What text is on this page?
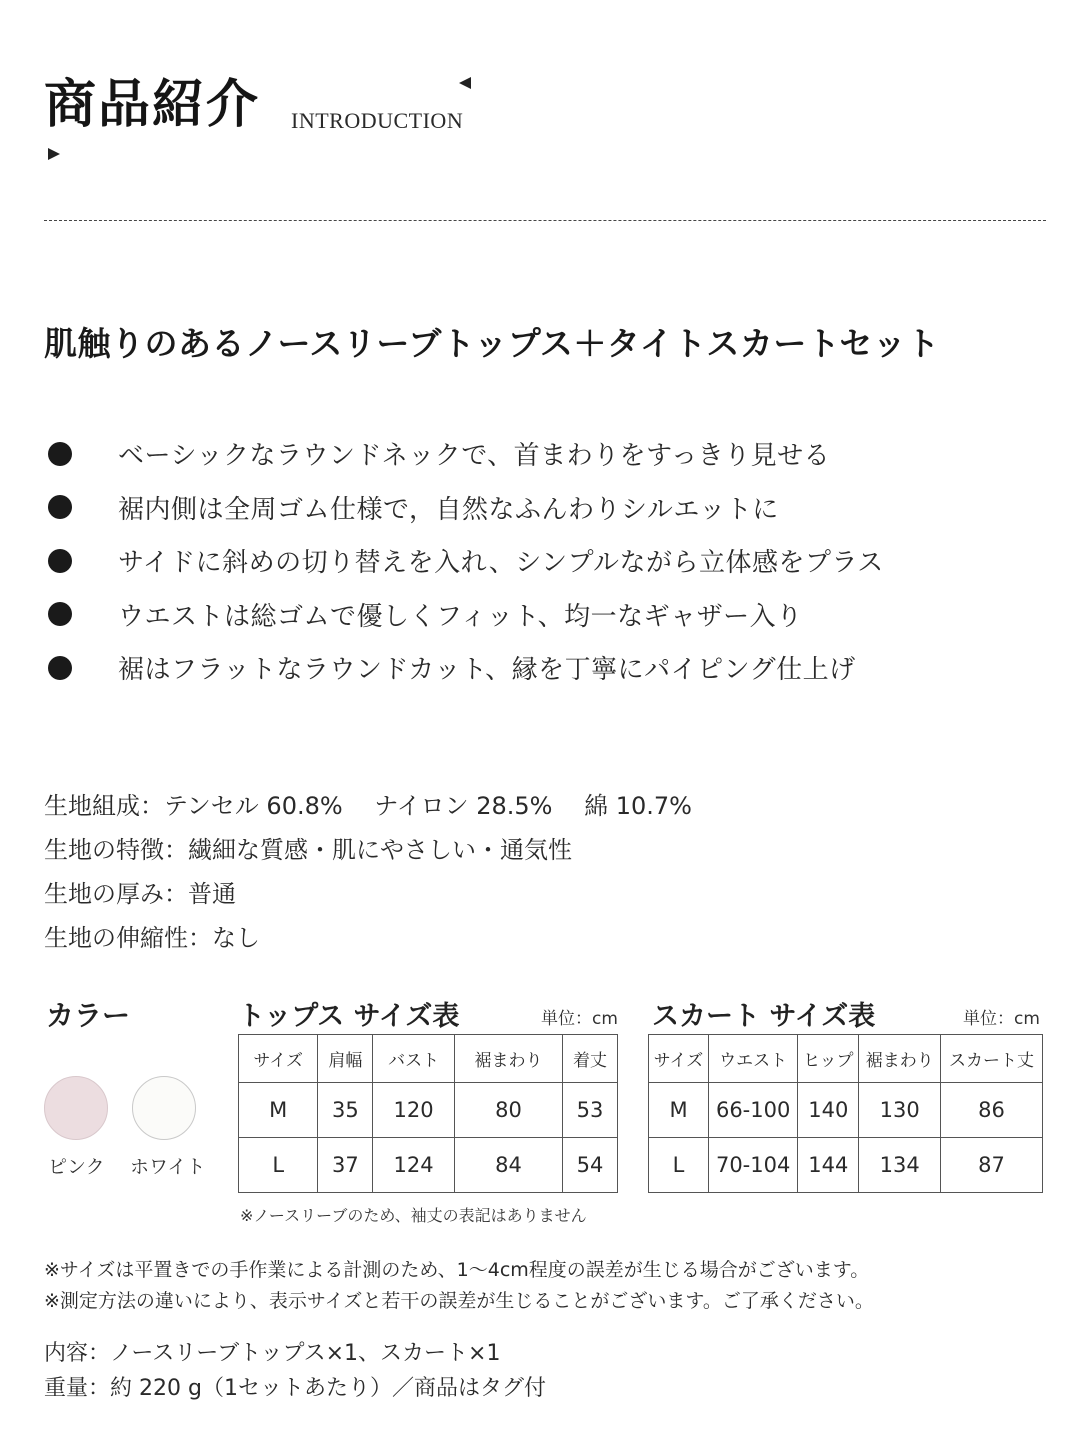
商品紹介 INTRODUCTION
肌触りのあるノースリーブトップス＋タイトスカートセット
ベーシックなラウンドネックで、首まわりをすっきり見せる
裾内側は全周ゴム仕様で，自然なふんわりシルエットに
サイドに斜めの切り替えを入れ、シンプルながら立体感をプラス
ウエストは総ゴムで優しくフィット、均一なギャザー入り
裾はフラットなラウンドカット、縁を丁寧にパイピング仕上げ
生地組成：テンセル 60.8%　 ナイロン 28.5%　 綿 10.7%
生地の特徴：繊細な質感・肌にやさしい・通気性
生地の厚み：普通
生地の伸縮性：なし
カラー
ピンク ホワイト
トップス サイズ表	単位：cm
サイズ	肩幅	バスト	裾まわり	着丈
M	35	120	80	53
L	37	124	84	54
※ノースリーブのため、袖丈の表記はありません
スカート サイズ表	単位：cm
サイズ	ウエスト	ヒップ	裾まわり	スカート丈
M	66-100	140	130	86
L	70-104	144	134	87
※サイズは平置きでの手作業による計測のため、1～4cm程度の誤差が生じる場合がございます。
※測定方法の違いにより、表示サイズと若干の誤差が生じることがございます。ご了承ください。
内容：ノースリーブトップス×1、スカート×1
重量：約 220 g（1セットあたり）／商品はタグ付
